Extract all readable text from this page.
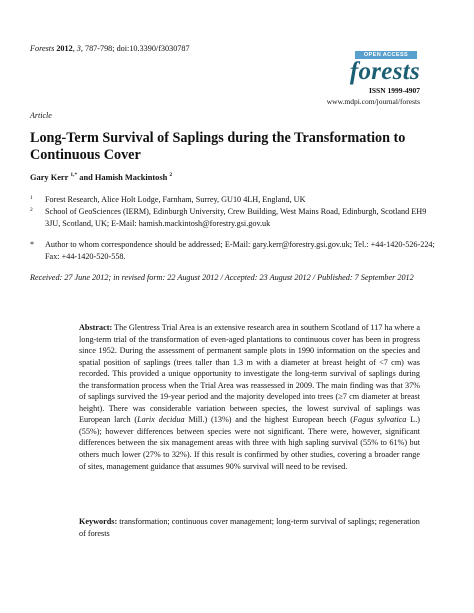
Forests 2012, 3, 787-798; doi:10.3390/f3030787
OPEN ACCESS
forests
ISSN 1999-4907
www.mdpi.com/journal/forests
Article
Long-Term Survival of Saplings during the Transformation to Continuous Cover
Gary Kerr $^{1,*}$ and Hamish Mackintosh $^2$
1 Forest Research, Alice Holt Lodge, Farnham, Surrey, GU10 4LH, England, UK
2 School of GeoSciences (IERM), Edinburgh University, Crew Building, West Mains Road, Edinburgh, Scotland EH9 3JU, Scotland, UK; E-Mail: hamish.mackintosh@forestry.gsi.gov.uk
* Author to whom correspondence should be addressed; E-Mail: gary.kerr@forestry.gsi.gov.uk; Tel.: +44-1420-526-224; Fax: +44-1420-520-558.
Received: 27 June 2012; in revised form: 22 August 2012 / Accepted: 23 August 2012 / Published: 7 September 2012
Abstract: The Glentress Trial Area is an extensive research area in southern Scotland of 117 ha where a long-term trial of the transformation of even-aged plantations to continuous cover has been in progress since 1952. During the assessment of permanent sample plots in 1990 information on the species and spatial position of saplings (trees taller than 1.3 m with a diameter at breast height of <7 cm) was recorded. This provided a unique opportunity to investigate the long-term survival of saplings during the transformation process when the Trial Area was reassessed in 2009. The main finding was that 37% of saplings survived the 19-year period and the majority developed into trees (≥7 cm diameter at breast height). There was considerable variation between species, the lowest survival of saplings was European larch (Larix decidua Mill.) (13%) and the highest European beech (Fagus sylvatica L.) (55%); however differences between species were not significant. There were, however, significant differences between the six management areas with three with high sapling survival (55% to 61%) but others much lower (27% to 32%). If this result is confirmed by other studies, covering a broader range of sites, management guidance that assumes 90% survival will need to be revised.
Keywords: transformation; continuous cover management; long-term survival of saplings; regeneration of forests
